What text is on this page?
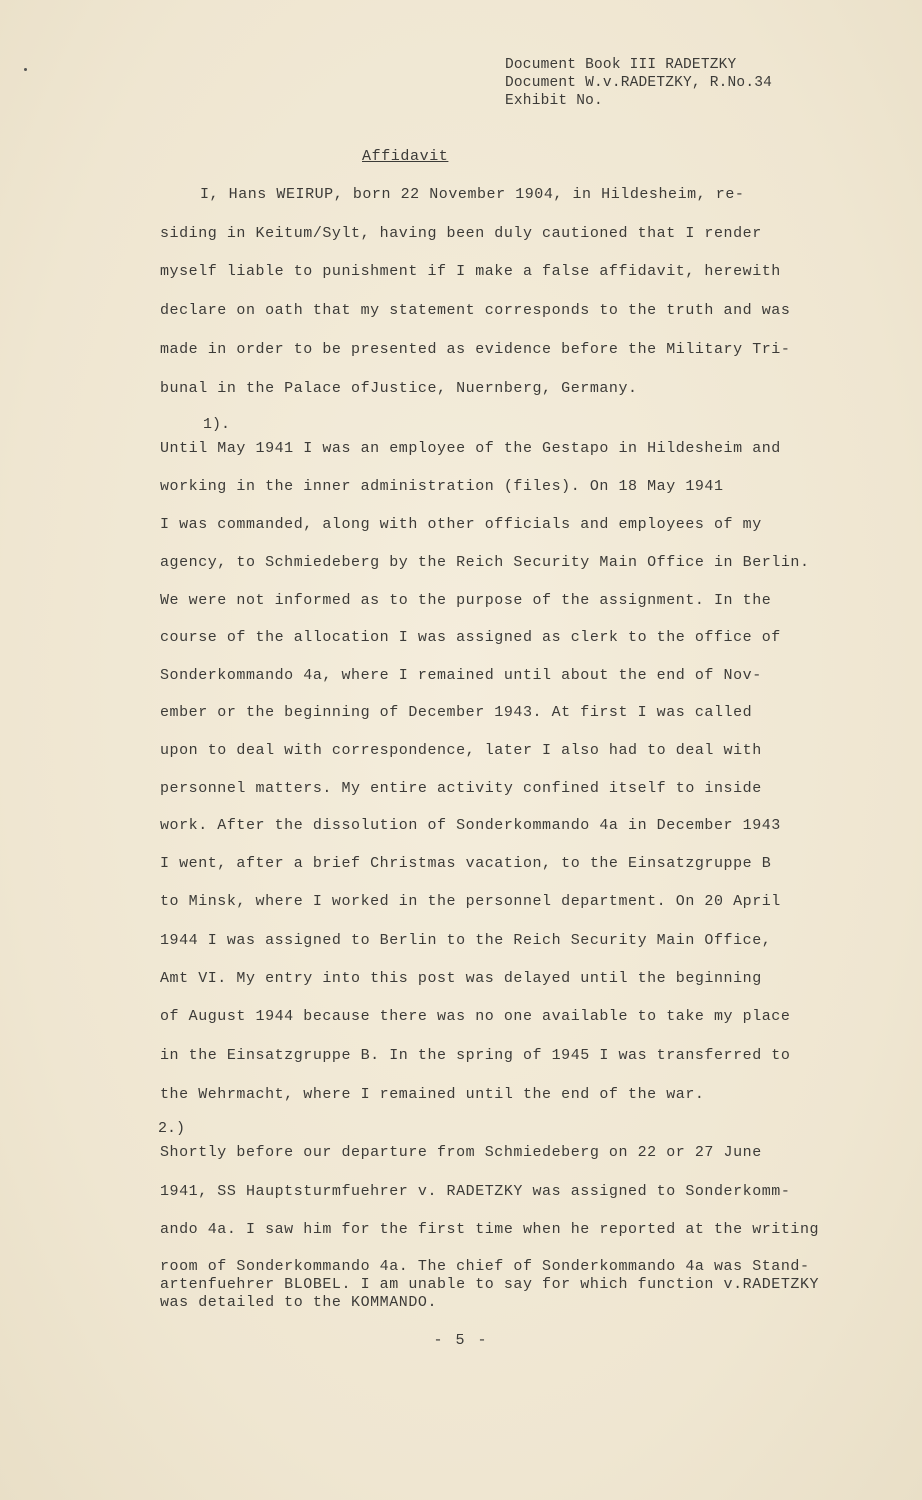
Document Book III RADETZKY
Document W.v.RADETZKY, R.No.34
Exhibit No.
Affidavit
I, Hans WEIRUP, born 22 November 1904, in Hildesheim, re-
siding in Keitum/Sylt, having been duly cautioned that I render
myself liable to punishment if I make a false affidavit, herewith
declare on oath that my statement corresponds to the truth and was
made in order to be presented as evidence before the Military Tri-
bunal in the Palace ofJustice, Nuernberg, Germany.
1).
Until May 1941 I was an employee of the Gestapo in Hildesheim and
working in the inner administration (files). On 18 May 1941
I was commanded, along with other officials and employees of my
agency, to Schmiedeberg by the Reich Security Main Office in Berlin.
We were not informed as to the purpose of the assignment. In the
course of the allocation I was assigned as clerk to the office of
Sonderkommando 4a, where I remained until about the end of Nov-
ember or the beginning of December 1943. At first I was called
upon to deal with correspondence, later I also had to deal with
personnel matters. My entire activity confined itself to inside
work. After the dissolution of Sonderkommando 4a in December 1943
I went, after a brief Christmas vacation, to the Einsatzgruppe B
to Minsk, where I worked in the personnel department. On 20 April
1944 I was assigned to Berlin to the Reich Security Main Office,
Amt VI. My entry into this post was delayed until the beginning
of August 1944 because there was no one available to take my place
in the Einsatzgruppe B. In the spring of 1945 I was transferred to
the Wehrmacht, where I remained until the end of the war.
2.)
Shortly before our departure from Schmiedeberg on 22 or 27 June
1941, SS Hauptsturmfuehrer v. RADETZKY was assigned to Sonderkomm-
ando 4a. I saw him for the first time when he reported at the writing
room of Sonderkommando 4a. The chief of Sonderkommando 4a was Stand-
artenfuehrer BLOBEL. I am unable to say for which function v.RADETZKY
was detailed to the KOMMANDO.
- 5 -
